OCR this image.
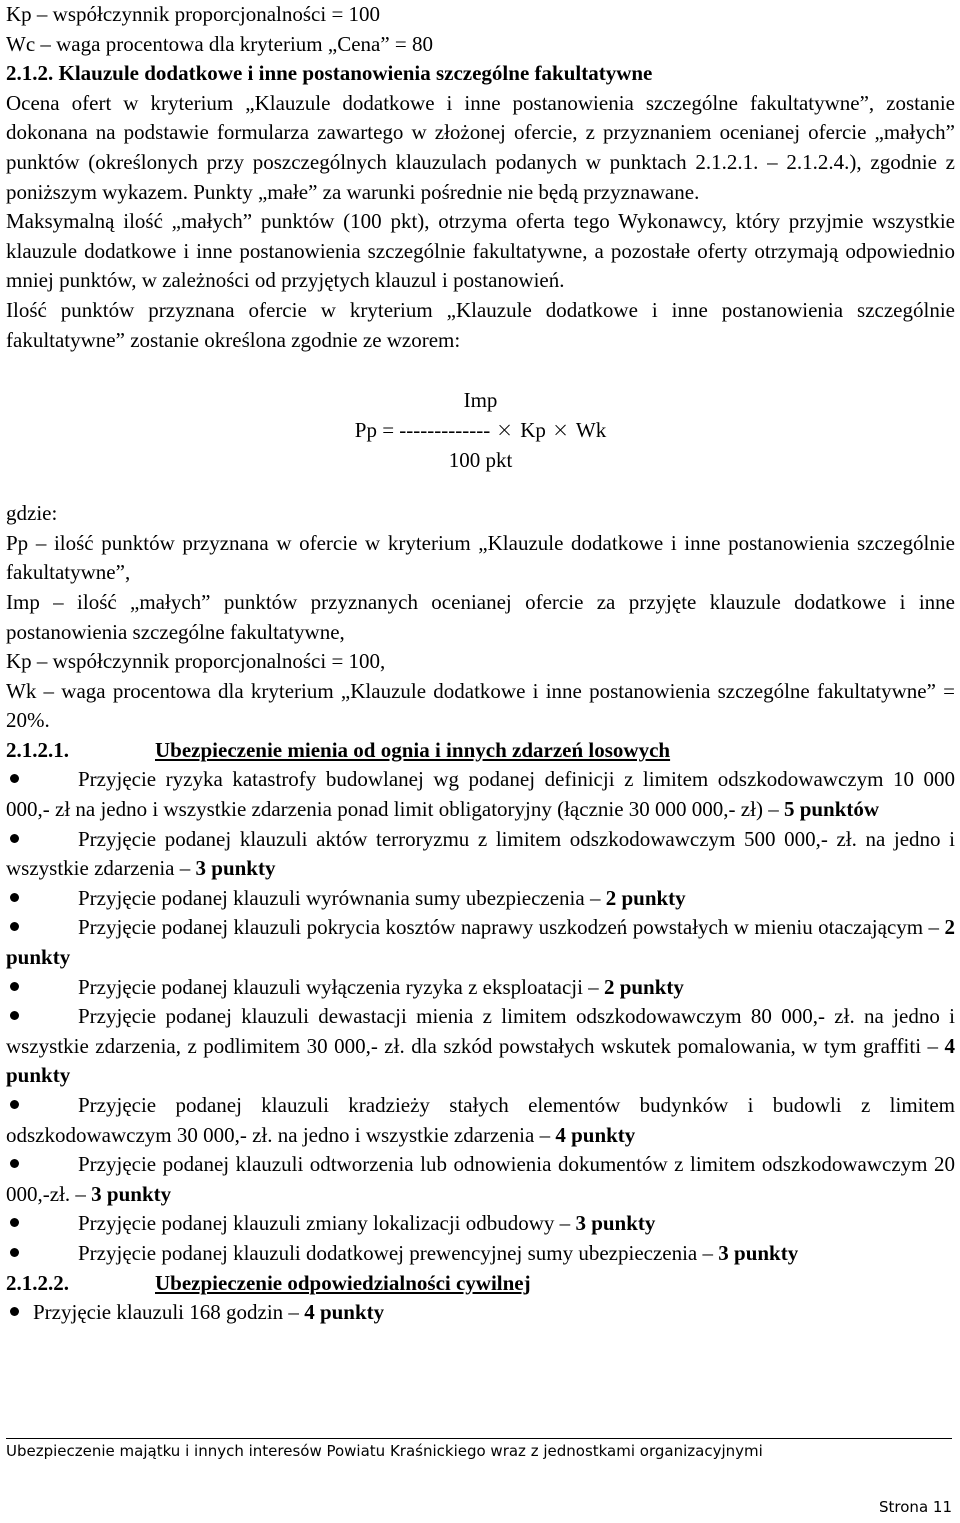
Kp – współczynnik proporcjonalności = 100

Wc – waga procentowa dla kryterium „Cena” = 80

2.1.2. Klauzule dodatkowe i inne postanowienia szczególne fakultatywne

Ocena ofert w kryterium „Klauzule dodatkowe i inne postanowienia szczególne fakultatywne”, zostanie dokonana na podstawie formularza zawartego w złożonej ofercie, z przyznaniem ocenianej ofercie „małych” punktów (określonych przy poszczególnych klauzulach podanych w punktach 2.1.2.1. – 2.1.2.4.), zgodnie z poniższym wykazem. Punkty „małe” za warunki pośrednie nie będą przyznawane.

Maksymalną ilość „małych” punktów (100 pkt), otrzyma oferta tego Wykonawcy, który przyjmie wszystkie klauzule dodatkowe i inne postanowienia szczególnie fakultatywne, a pozostałe oferty otrzymają odpowiednio mniej punktów, w zależności od przyjętych klauzul i postanowień.

Ilość punktów przyznana ofercie w kryterium „Klauzule dodatkowe i inne postanowienia szczególnie fakultatywne” zostanie określona zgodnie ze wzorem:

Imp
Pp = ------------- Kp Wk
100 pkt

gdzie:

Pp – ilość punktów przyznana w ofercie w kryterium „Klauzule dodatkowe i inne postanowienia szczególnie fakultatywne”,

Imp – ilość „małych” punktów przyznanych ocenianej ofercie za przyjęte klauzule dodatkowe i inne postanowienia szczególne fakultatywne,

Kp – współczynnik proporcjonalności = 100,

Wk – waga procentowa dla kryterium „Klauzule dodatkowe i inne postanowienia szczególne fakultatywne” = 20%.

2.1.2.1.	Ubezpieczenie mienia od ognia i innych zdarzeń losowych

Przyjęcie ryzyka katastrofy budowlanej wg podanej definicji z limitem odszkodowawczym 10 000 000,- zł na jedno i wszystkie zdarzenia ponad limit obligatoryjny (łącznie 30 000 000,- zł) – 5 punktów

Przyjęcie podanej klauzuli aktów terroryzmu z limitem odszkodowawczym 500 000,- zł. na jedno i wszystkie zdarzenia – 3 punkty

Przyjęcie podanej klauzuli wyrównania sumy ubezpieczenia – 2 punkty

Przyjęcie podanej klauzuli pokrycia kosztów naprawy uszkodzeń powstałych w mieniu otaczającym – 2 punkty

Przyjęcie podanej klauzuli wyłączenia ryzyka z eksploatacji – 2 punkty

Przyjęcie podanej klauzuli dewastacji mienia z limitem odszkodowawczym 80 000,- zł. na jedno i wszystkie zdarzenia, z podlimitem 30 000,- zł. dla szkód powstałych wskutek pomalowania, w tym graffiti – 4 punkty

Przyjęcie podanej klauzuli kradzieży stałych elementów budynków i budowli z limitem odszkodowawczym 30 000,- zł. na jedno i wszystkie zdarzenia – 4 punkty

Przyjęcie podanej klauzuli odtworzenia lub odnowienia dokumentów z limitem odszkodowawczym 20 000,-zł. – 3 punkty

Przyjęcie podanej klauzuli zmiany lokalizacji odbudowy – 3 punkty

Przyjęcie podanej klauzuli dodatkowej prewencyjnej sumy ubezpieczenia – 3 punkty

2.1.2.2.	Ubezpieczenie odpowiedzialności cywilnej

Przyjęcie klauzuli 168 godzin – 4 punkty

Ubezpieczenie majątku i innych interesów Powiatu Kraśnickiego wraz z jednostkami organizacyjnymi
Strona 11
